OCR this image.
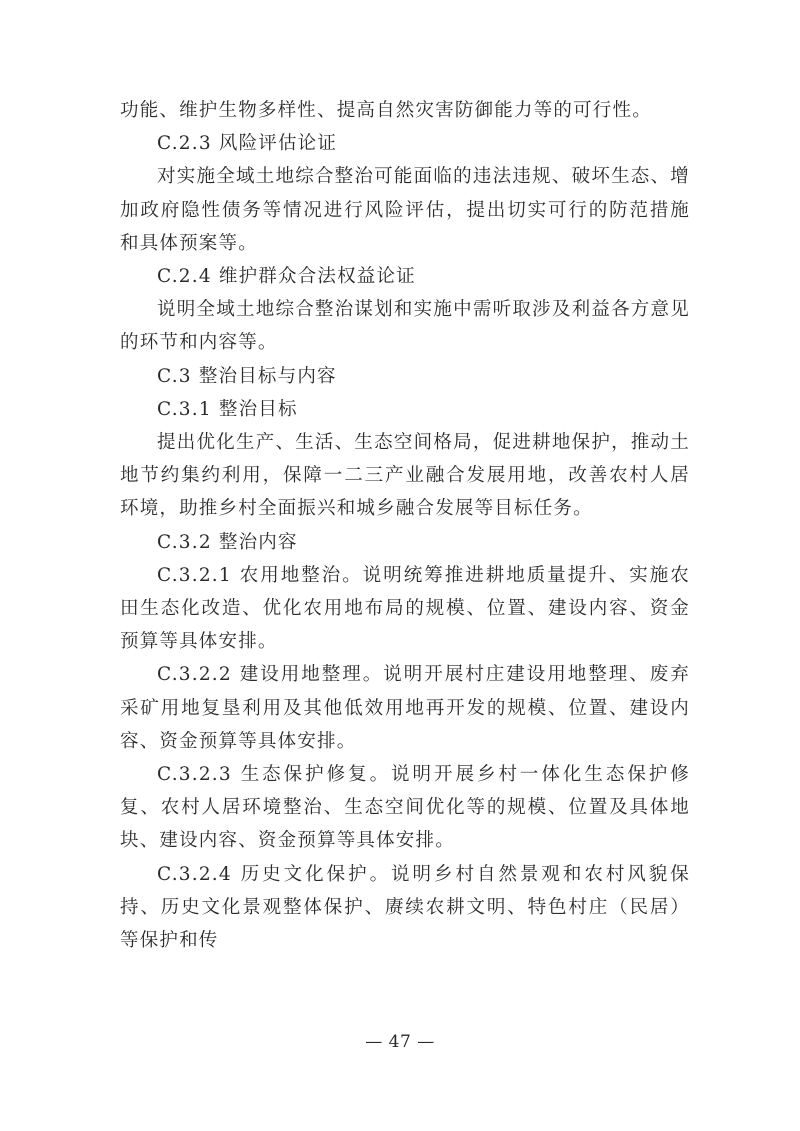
功能、维护生物多样性、提高自然灾害防御能力等的可行性。

C.2.3 风险评估论证

对实施全域土地综合整治可能面临的违法违规、破坏生态、增加政府隐性债务等情况进行风险评估，提出切实可行的防范措施和具体预案等。

C.2.4 维护群众合法权益论证

说明全域土地综合整治谋划和实施中需听取涉及利益各方意见的环节和内容等。

C.3 整治目标与内容

C.3.1 整治目标

提出优化生产、生活、生态空间格局，促进耕地保护，推动土地节约集约利用，保障一二三产业融合发展用地，改善农村人居环境，助推乡村全面振兴和城乡融合发展等目标任务。

C.3.2 整治内容

C.3.2.1 农用地整治。说明统筹推进耕地质量提升、实施农田生态化改造、优化农用地布局的规模、位置、建设内容、资金预算等具体安排。

C.3.2.2 建设用地整理。说明开展村庄建设用地整理、废弃采矿用地复垦利用及其他低效用地再开发的规模、位置、建设内容、资金预算等具体安排。

C.3.2.3 生态保护修复。说明开展乡村一体化生态保护修复、农村人居环境整治、生态空间优化等的规模、位置及具体地块、建设内容、资金预算等具体安排。

C.3.2.4 历史文化保护。说明乡村自然景观和农村风貌保持、历史文化景观整体保护、赓续农耕文明、特色村庄（民居）等保护和传

— 47 —
